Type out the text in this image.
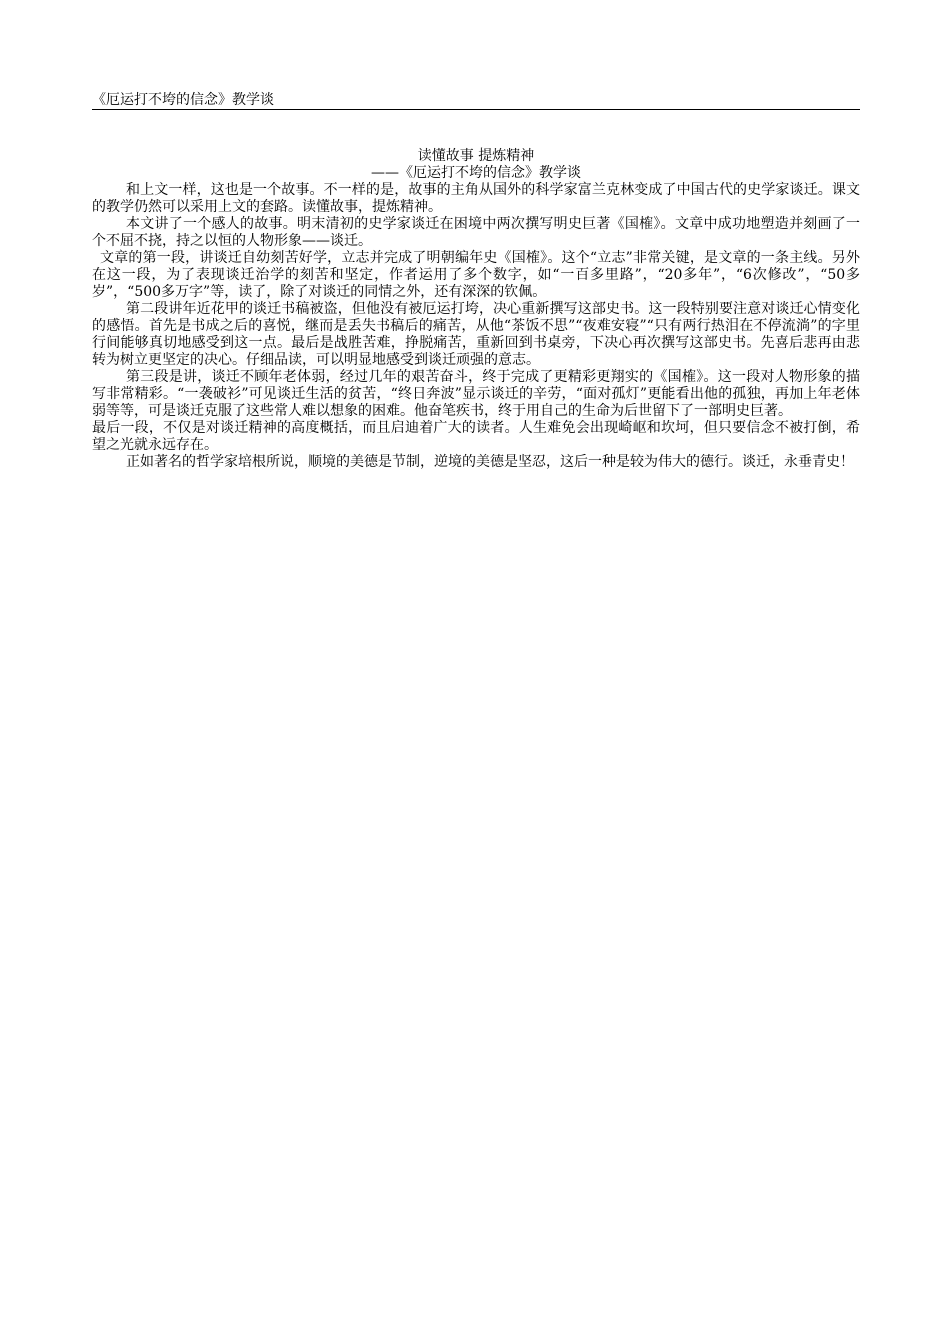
《厄运打不垮的信念》教学谈
读懂故事 提炼精神
——《厄运打不垮的信念》教学谈

和上文一样，这也是一个故事。不一样的是，故事的主角从国外的科学家富兰克林变成了中国古代的史学家谈迁。课文的教学仍然可以采用上文的套路。读懂故事，提炼精神。

本文讲了一个感人的故事。明末清初的史学家谈迁在困境中两次撰写明史巨著《国榷》。文章中成功地塑造并刻画了一个不屈不挠，持之以恒的人物形象——谈迁。

文章的第一段，讲谈迁自幼刻苦好学，立志并完成了明朝编年史《国榷》。这个“立志”非常关键，是文章的一条主线。另外在这一段，为了表现谈迁治学的刻苦和坚定，作者运用了多个数字，如“一百多里路”，“20多年”，“6次修改”，“50多岁”，“500多万字”等，读了，除了对谈迁的同情之外，还有深深的钦佩。

第二段讲年近花甲的谈迁书稿被盗，但他没有被厄运打垮，决心重新撰写这部史书。这一段特别要注意对谈迁心情变化的感悟。首先是书成之后的喜悦，继而是丢失书稿后的痛苦，从他“茶饭不思”“夜难安寝”“只有两行热泪在不停流淌”的字里行间能够真切地感受到这一点。最后是战胜苦难，挣脱痛苦，重新回到书桌旁，下决心再次撰写这部史书。先喜后悲再由悲转为树立更坚定的决心。仔细品读，可以明显地感受到谈迁顽强的意志。

第三段是讲，谈迁不顾年老体弱，经过几年的艰苦奋斗，终于完成了更精彩更翔实的《国榷》。这一段对人物形象的描写非常精彩。“一袭破衫”可见谈迁生活的贫苦，“终日奔波”显示谈迁的辛劳，“面对孤灯”更能看出他的孤独，再加上年老体弱等等，可是谈迁克服了这些常人难以想象的困难。他奋笔疾书，终于用自己的生命为后世留下了一部明史巨著。

最后一段，不仅是对谈迁精神的高度概括，而且启迪着广大的读者。人生难免会出现崎岖和坎坷，但只要信念不被打倒，希望之光就永远存在。

正如著名的哲学家培根所说，顺境的美德是节制，逆境的美德是坚忍，这后一种是较为伟大的德行。谈迁，永垂青史！
